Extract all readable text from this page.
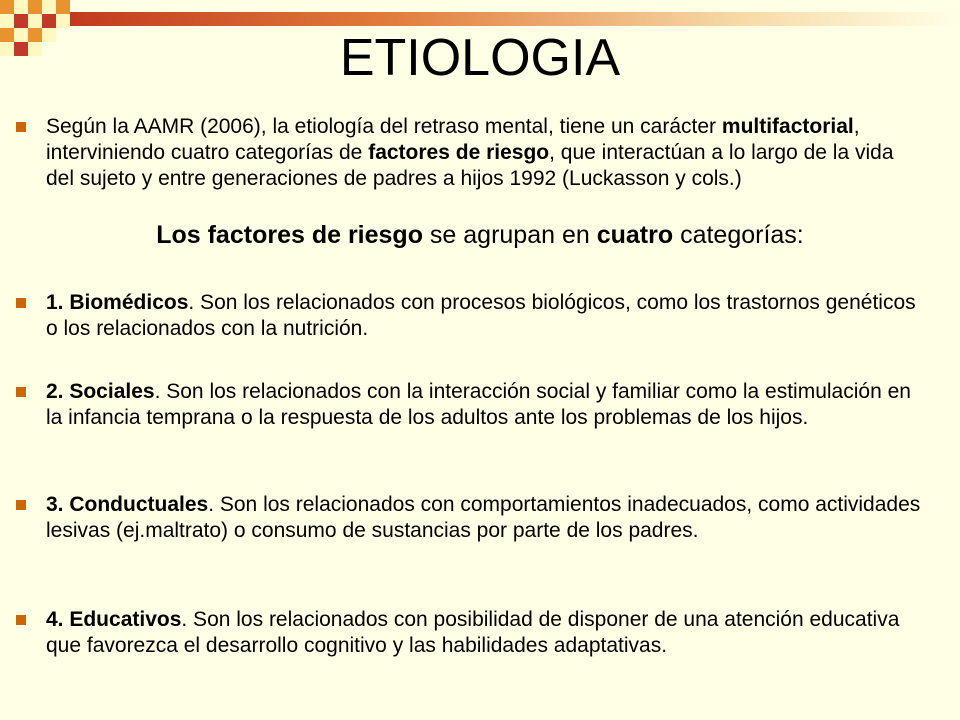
ETIOLOGIA
Según la AAMR (2006), la etiología del retraso mental, tiene un carácter multifactorial, interviniendo cuatro categorías de factores de riesgo, que interactúan a lo largo de la vida del sujeto y entre generaciones de padres a hijos 1992 (Luckasson y cols.)
Los factores de riesgo se agrupan en cuatro categorías:
1. Biomédicos. Son los relacionados con procesos biológicos, como los trastornos genéticos o los relacionados con la nutrición.
2. Sociales. Son los relacionados con la interacción social y familiar como la estimulación en la infancia temprana o la respuesta de los adultos ante los problemas de los hijos.
3. Conductuales. Son los relacionados con comportamientos inadecuados, como actividades lesivas (ej.maltrato) o consumo de sustancias por parte de los padres.
4. Educativos. Son los relacionados con posibilidad de disponer de una atención educativa que favorezca el desarrollo cognitivo y las habilidades adaptativas.
